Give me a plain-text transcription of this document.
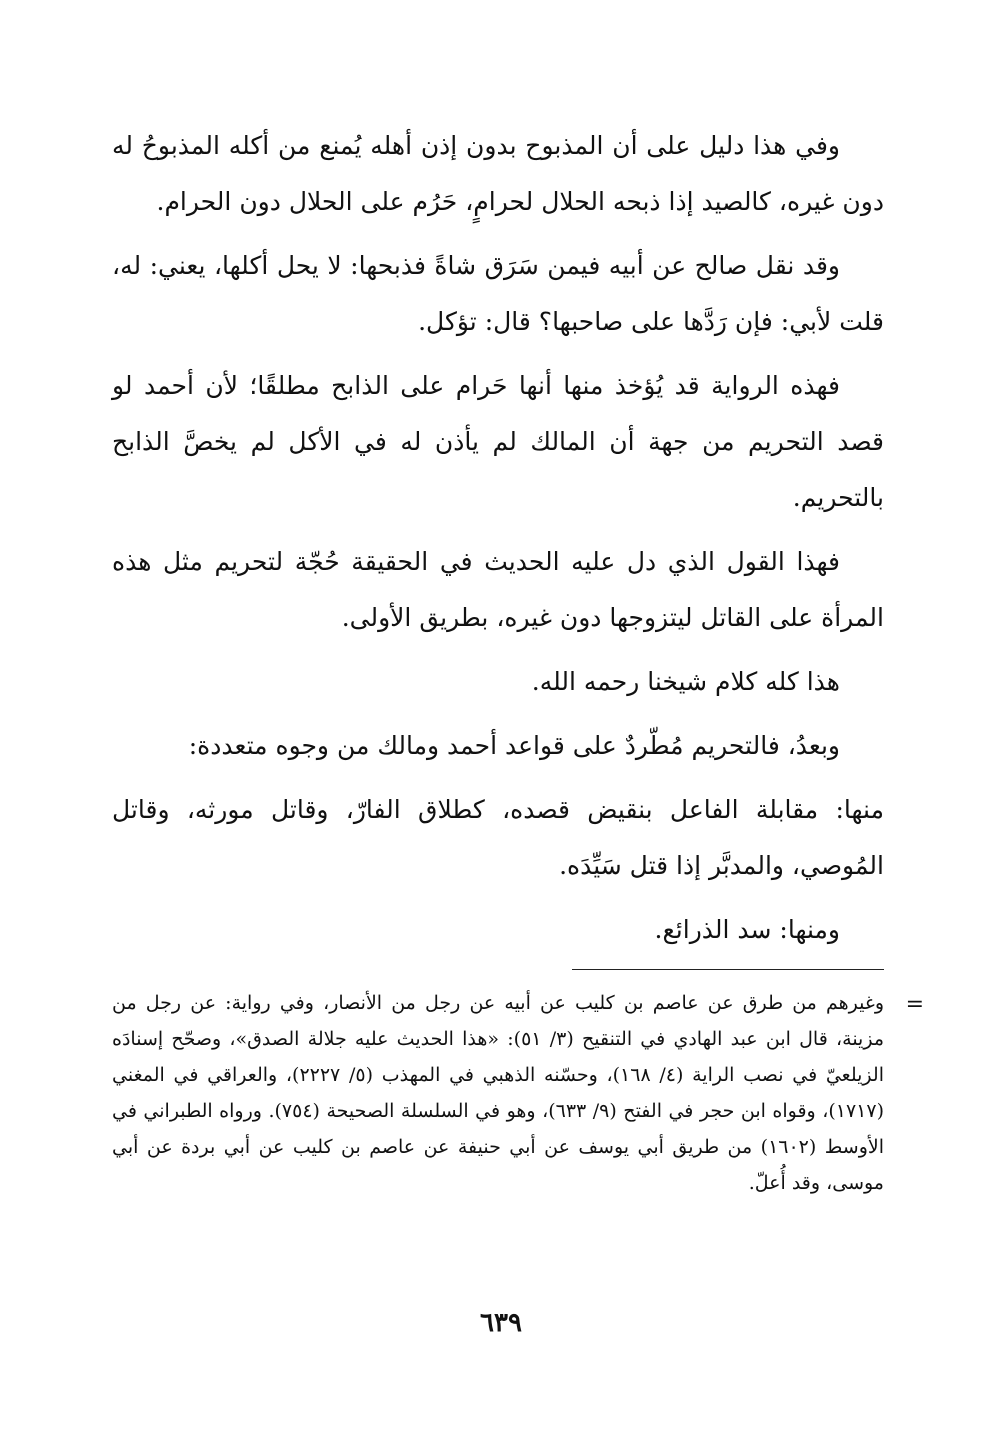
وفي هذا دليل على أن المذبوح بدون إذن أهله يُمنع من أكله المذبوحُ له دون غيره، كالصيد إذا ذبحه الحلال لحرامٍ، حَرُم على الحلال دون الحرام.

وقد نقل صالح عن أبيه فيمن سَرَق شاةً فذبحها: لا يحل أكلها، يعني: له، قلت لأبي: فإن رَدَّها على صاحبها؟ قال: تؤكل.

فهذه الرواية قد يُؤخذ منها أنها حَرام على الذابح مطلقًا؛ لأن أحمد لو قصد التحريم من جهة أن المالك لم يأذن له في الأكل لم يخصَّ الذابح بالتحريم.

فهذا القول الذي دل عليه الحديث في الحقيقة حُجّة لتحريم مثل هذه المرأة على القاتل ليتزوجها دون غيره، بطريق الأولى.

هذا كله كلام شيخنا رحمه الله.

وبعدُ، فالتحريم مُطّردٌ على قواعد أحمد ومالك من وجوه متعددة:

منها: مقابلة الفاعل بنقيض قصده، كطلاق الفارّ، وقاتل مورثه، وقاتل المُوصي، والمدبَّر إذا قتل سَيِّدَه.

ومنها: سد الذرائع.

=

وغيرهم من طرق عن عاصم بن كليب عن أبيه عن رجل من الأنصار، وفي رواية: عن رجل من مزينة، قال ابن عبد الهادي في التنقيح (٣/ ٥١): «هذا الحديث عليه جلالة الصدق»، وصحّح إسنادَه الزيلعيّ في نصب الراية (٤/ ١٦٨)، وحسّنه الذهبي في المهذب (٥/ ٢٢٢٧)، والعراقي في المغني (١٧١٧)، وقواه ابن حجر في الفتح (٩/ ٦٣٣)، وهو في السلسلة الصحيحة (٧٥٤). ورواه الطبراني في الأوسط (١٦٠٢) من طريق أبي يوسف عن أبي حنيفة عن عاصم بن كليب عن أبي بردة عن أبي موسى، وقد أُعلّ.

٦٣٩
